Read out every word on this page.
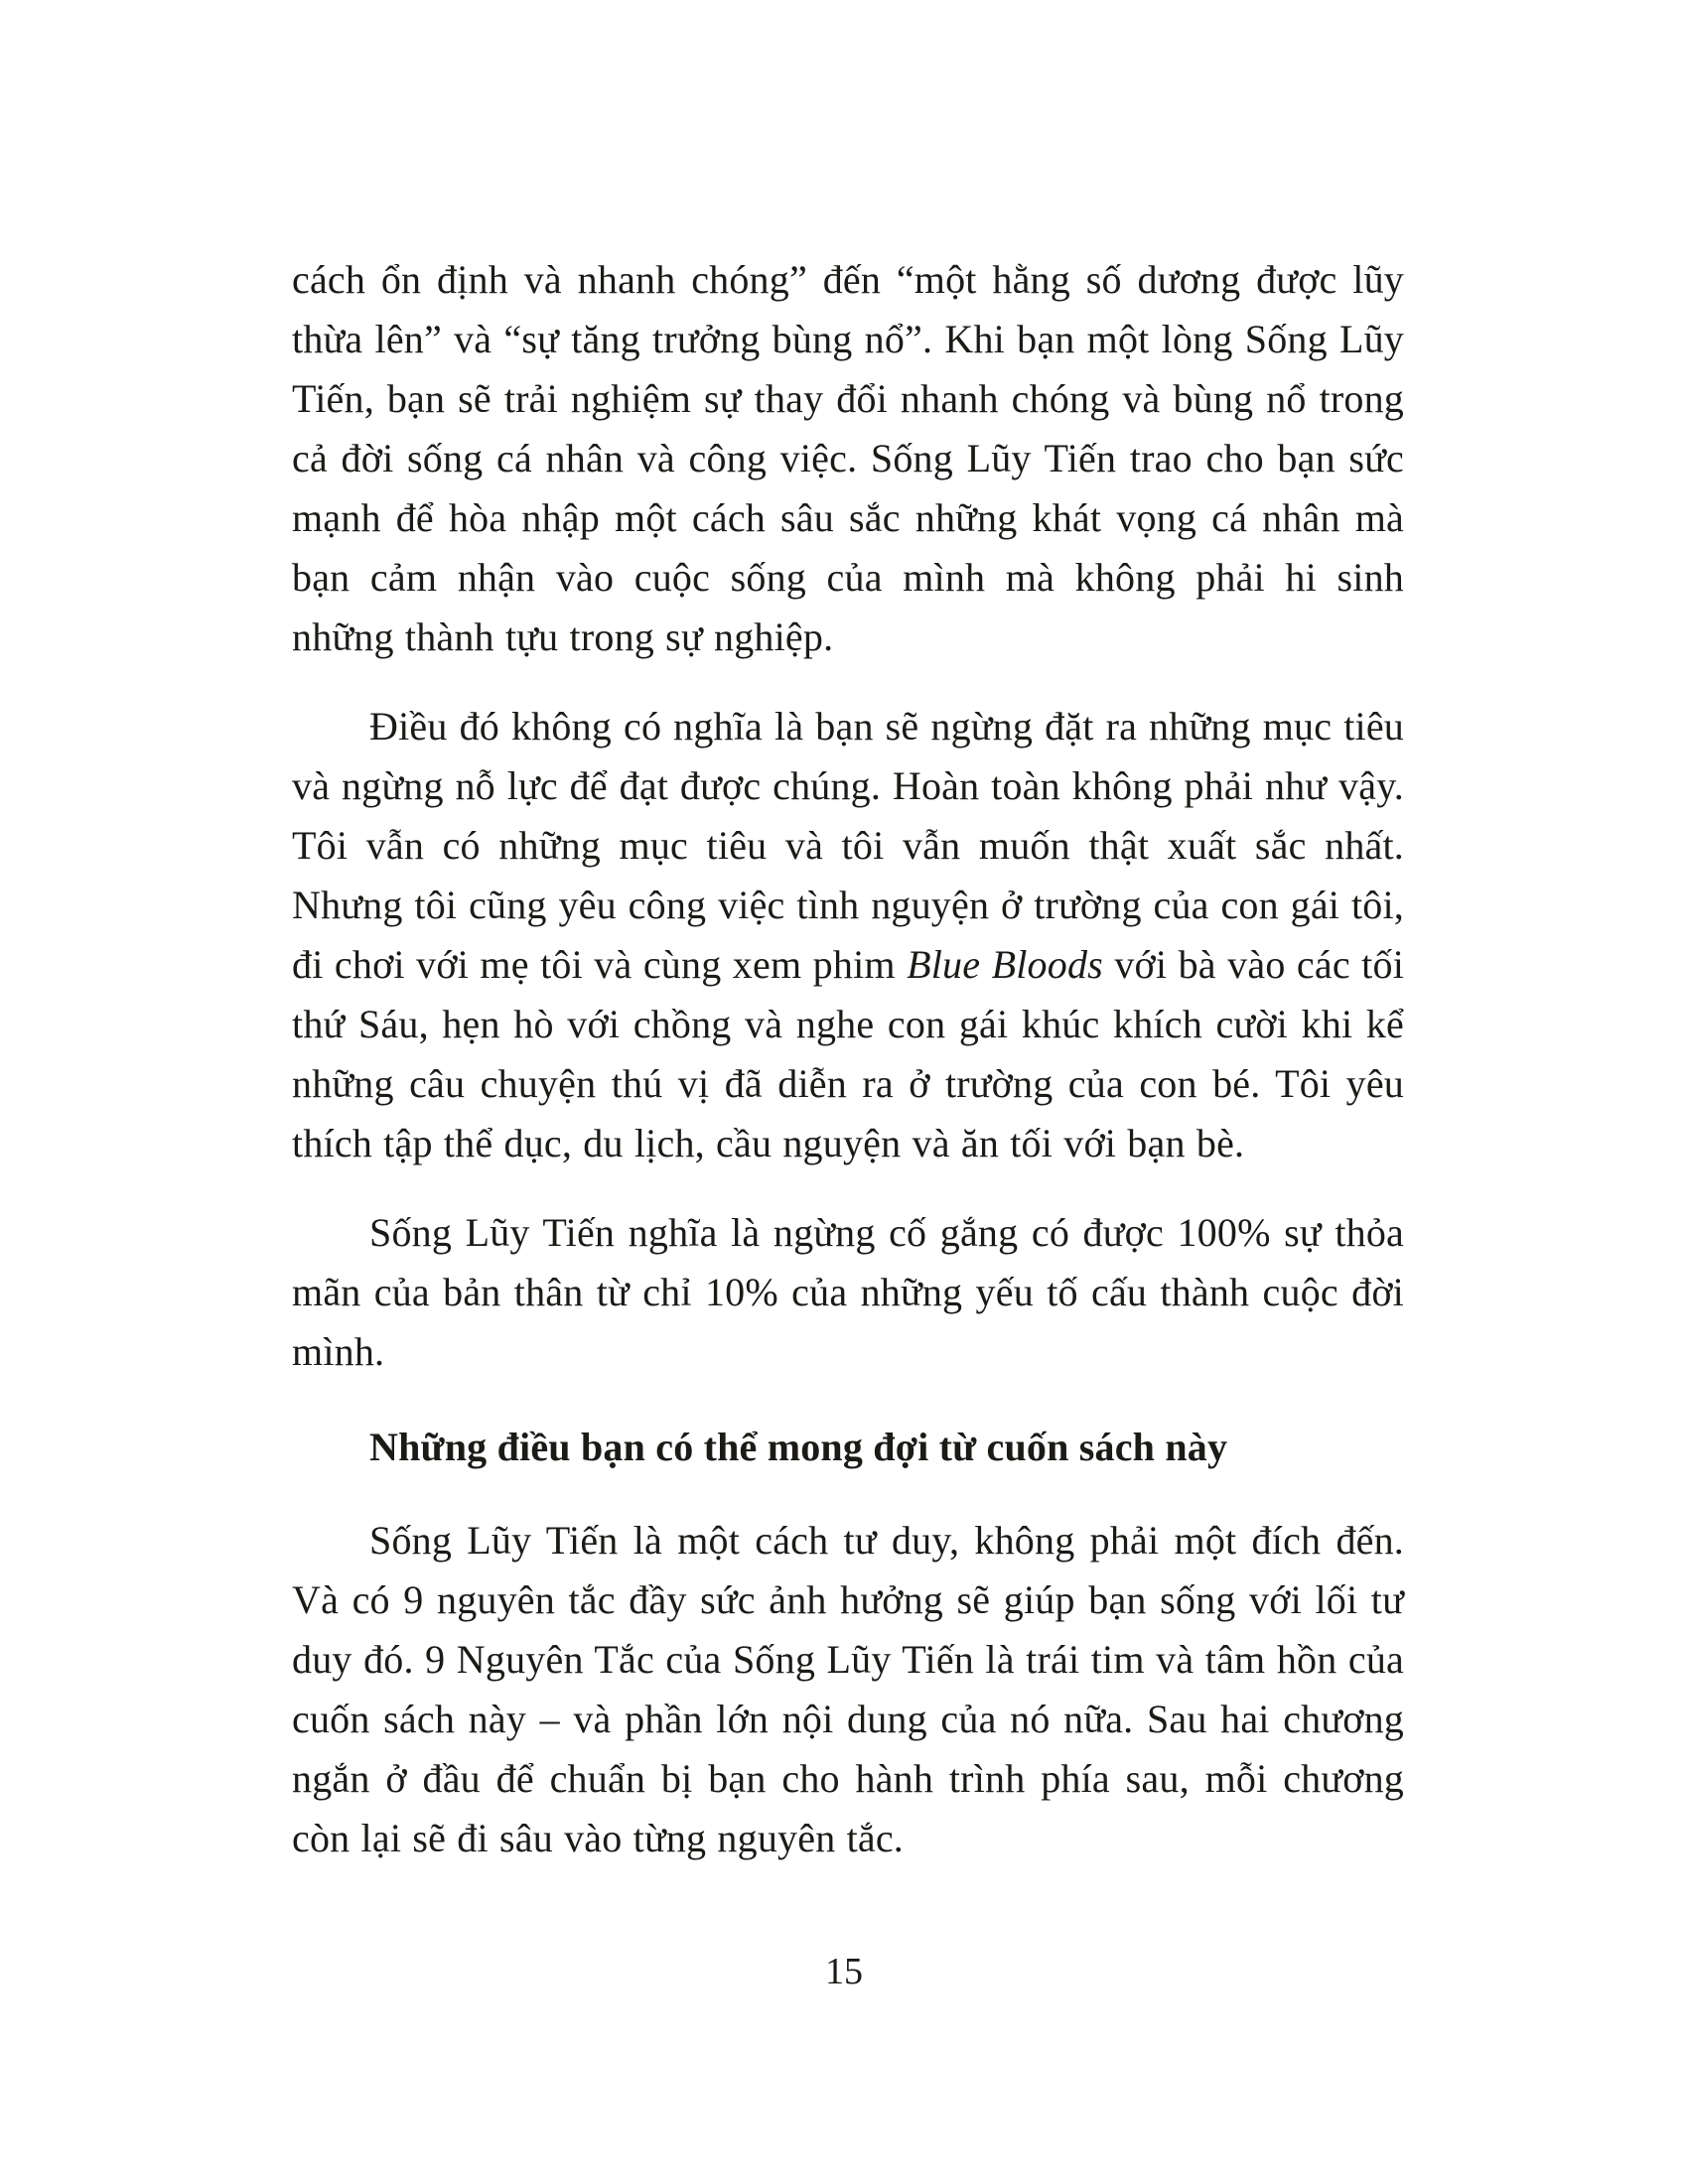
cách ổn định và nhanh chóng” đến “một hằng số dương được lũy thừa lên” và “sự tăng trưởng bùng nổ”. Khi bạn một lòng Sống Lũy Tiến, bạn sẽ trải nghiệm sự thay đổi nhanh chóng và bùng nổ trong cả đời sống cá nhân và công việc. Sống Lũy Tiến trao cho bạn sức mạnh để hòa nhập một cách sâu sắc những khát vọng cá nhân mà bạn cảm nhận vào cuộc sống của mình mà không phải hi sinh những thành tựu trong sự nghiệp.

Điều đó không có nghĩa là bạn sẽ ngừng đặt ra những mục tiêu và ngừng nỗ lực để đạt được chúng. Hoàn toàn không phải như vậy. Tôi vẫn có những mục tiêu và tôi vẫn muốn thật xuất sắc nhất. Nhưng tôi cũng yêu công việc tình nguyện ở trường của con gái tôi, đi chơi với mẹ tôi và cùng xem phim Blue Bloods với bà vào các tối thứ Sáu, hẹn hò với chồng và nghe con gái khúc khích cười khi kể những câu chuyện thú vị đã diễn ra ở trường của con bé. Tôi yêu thích tập thể dục, du lịch, cầu nguyện và ăn tối với bạn bè.

Sống Lũy Tiến nghĩa là ngừng cố gắng có được 100% sự thỏa mãn của bản thân từ chỉ 10% của những yếu tố cấu thành cuộc đời mình.

Những điều bạn có thể mong đợi từ cuốn sách này

Sống Lũy Tiến là một cách tư duy, không phải một đích đến. Và có 9 nguyên tắc đầy sức ảnh hưởng sẽ giúp bạn sống với lối tư duy đó. 9 Nguyên Tắc của Sống Lũy Tiến là trái tim và tâm hồn của cuốn sách này – và phần lớn nội dung của nó nữa. Sau hai chương ngắn ở đầu để chuẩn bị bạn cho hành trình phía sau, mỗi chương còn lại sẽ đi sâu vào từng nguyên tắc.

15
